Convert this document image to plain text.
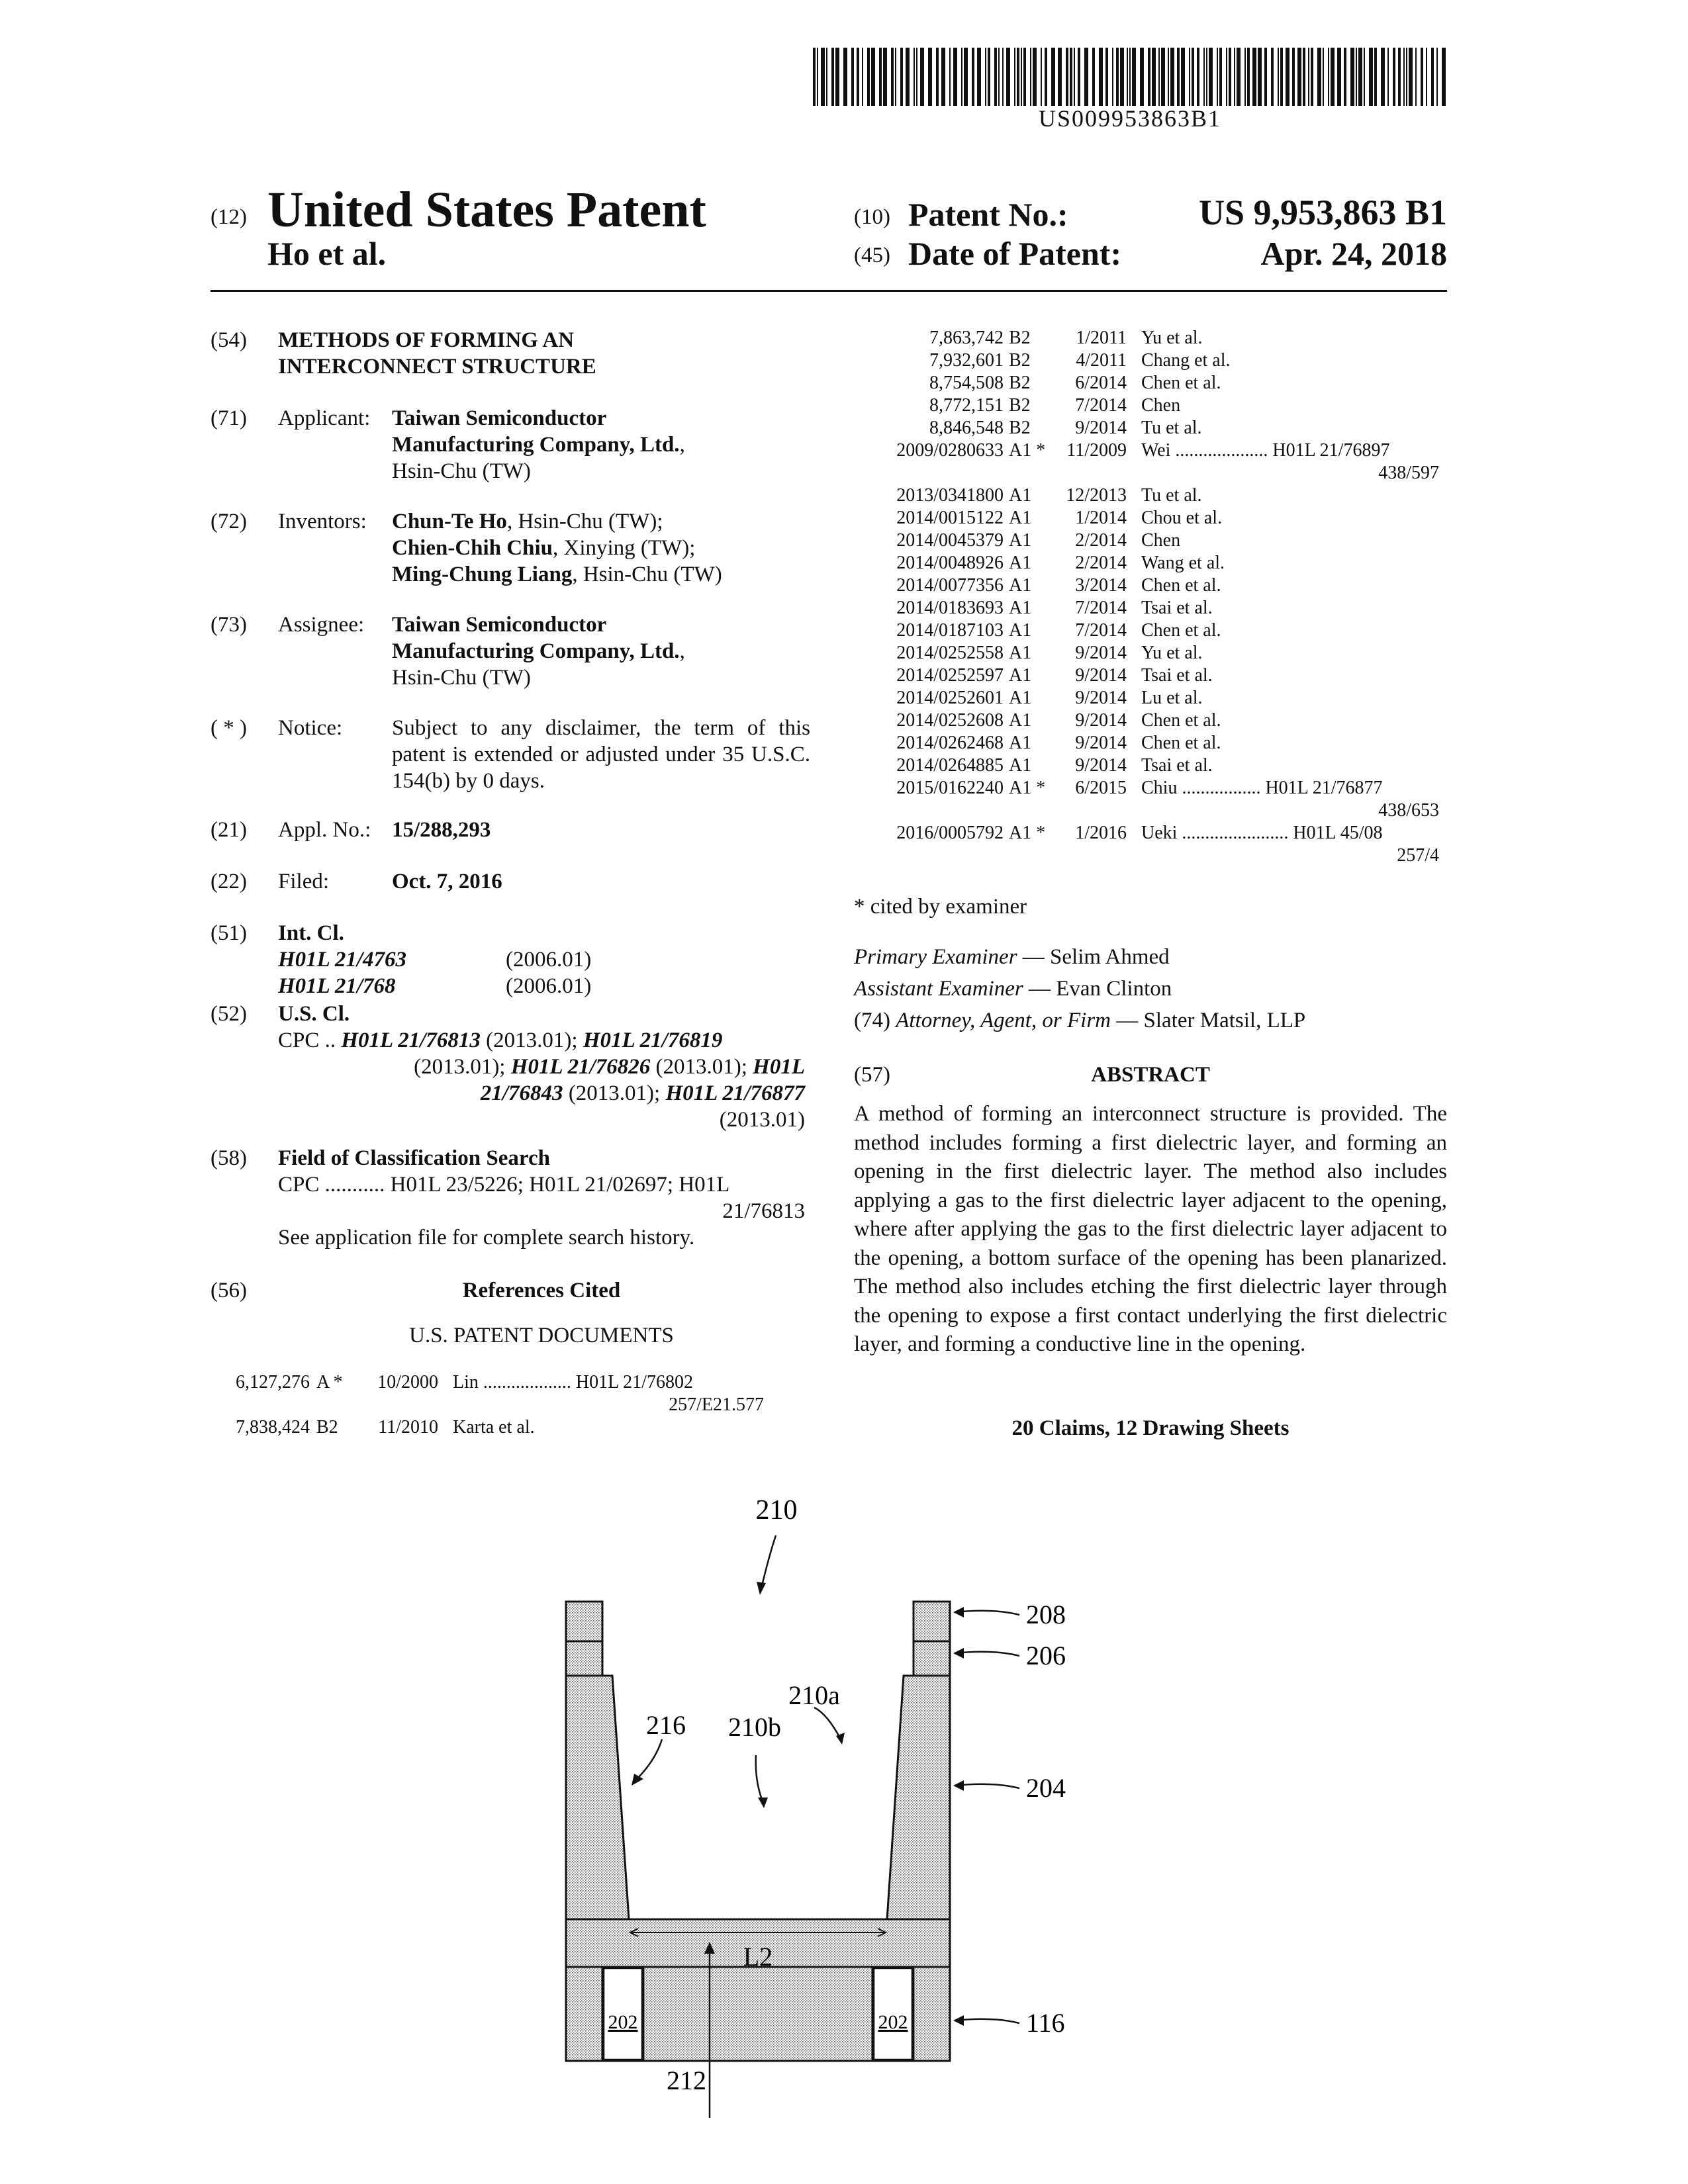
US009953863B1
(12) United States Patent
Ho et al.
(10) Patent No.:	US 9,953,863 B1
(45) Date of Patent:	Apr. 24, 2018
(54) METHODS OF FORMING AN
INTERCONNECT STRUCTURE
(71) Applicant: Taiwan Semiconductor
Manufacturing Company, Ltd.,
Hsin-Chu (TW)
(72) Inventors: Chun-Te Ho, Hsin-Chu (TW);
Chien-Chih Chiu, Xinying (TW);
Ming-Chung Liang, Hsin-Chu (TW)
(73) Assignee: Taiwan Semiconductor
Manufacturing Company, Ltd.,
Hsin-Chu (TW)
( * ) Notice: Subject to any disclaimer, the term of this patent is extended or adjusted under 35 U.S.C. 154(b) by 0 days.
(21) Appl. No.: 15/288,293
(22) Filed:	Oct. 7, 2016
(51) Int. Cl.
H01L 21/4763	(2006.01)
H01L 21/768	(2006.01)
(52) U.S. Cl.
CPC .. H01L 21/76813 (2013.01); H01L 21/76819
(2013.01); H01L 21/76826 (2013.01); H01L
21/76843 (2013.01); H01L 21/76877
(2013.01)
(58) Field of Classification Search
CPC ........... H01L 23/5226; H01L 21/02697; H01L
21/76813
See application file for complete search history.
(56)	References Cited
U.S. PATENT DOCUMENTS
6,127,276	A *	10/2000	Lin ................... H01L 21/76802
257/E21.577			
7,838,424	B2	11/2010	Karta et al.
7,863,742	B2	1/2011	Yu et al.
7,932,601	B2	4/2011	Chang et al.
8,754,508	B2	6/2014	Chen et al.
8,772,151	B2	7/2014	Chen
8,846,548	B2	9/2014	Tu et al.
2009/0280633	A1 *	11/2009	Wei .................... H01L 21/76897
438/597			
2013/0341800	A1	12/2013	Tu et al.
2014/0015122	A1	1/2014	Chou et al.
2014/0045379	A1	2/2014	Chen
2014/0048926	A1	2/2014	Wang et al.
2014/0077356	A1	3/2014	Chen et al.
2014/0183693	A1	7/2014	Tsai et al.
2014/0187103	A1	7/2014	Chen et al.
2014/0252558	A1	9/2014	Yu et al.
2014/0252597	A1	9/2014	Tsai et al.
2014/0252601	A1	9/2014	Lu et al.
2014/0252608	A1	9/2014	Chen et al.
2014/0262468	A1	9/2014	Chen et al.
2014/0264885	A1	9/2014	Tsai et al.
2015/0162240	A1 *	6/2015	Chiu ................. H01L 21/76877
438/653			
2016/0005792	A1 *	1/2016	Ueki ....................... H01L 45/08
257/4			
* cited by examiner
Primary Examiner — Selim Ahmed
Assistant Examiner — Evan Clinton
(74) Attorney, Agent, or Firm — Slater Matsil, LLP
(57)	ABSTRACT
A method of forming an interconnect structure is provided. The method includes forming a first dielectric layer, and forming an opening in the first dielectric layer. The method also includes applying a gas to the first dielectric layer adjacent to the opening, where after applying the gas to the first dielectric layer adjacent to the opening, a bottom surface of the opening has been planarized. The method also includes etching the first dielectric layer through the opening to expose a first contact underlying the first dielectric layer, and forming a conductive line in the opening.
20 Claims, 12 Drawing Sheets
202	202
L2
210
208
206
210a
204
216 210b
116
212
